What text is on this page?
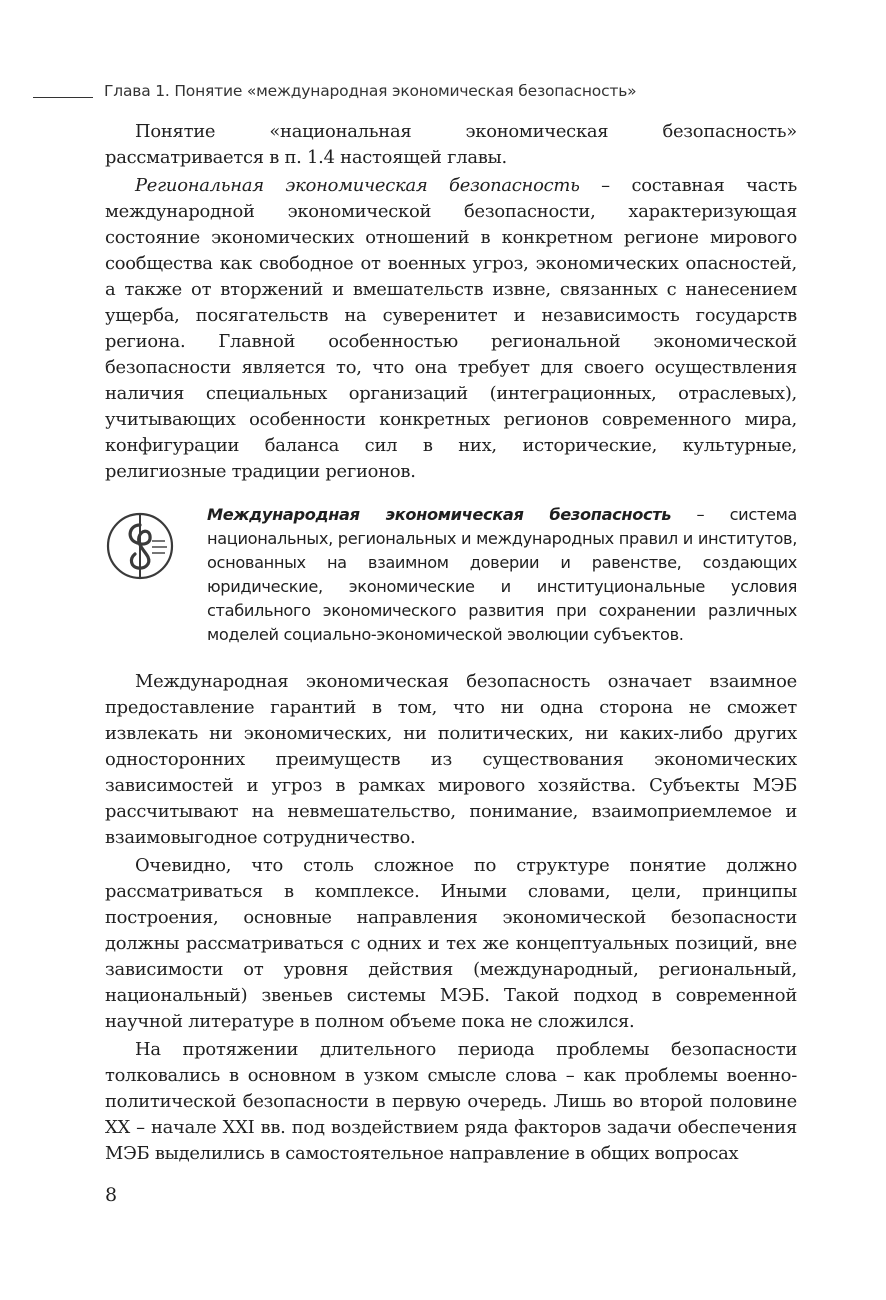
Глава 1. Понятие «международная экономическая безопасность»

Понятие «национальная экономическая безопасность» рассматривается в п. 1.4 настоящей главы.

Региональная экономическая безопасность – составная часть международной экономической безопасности, характеризующая состояние экономических отношений в конкретном регионе мирового сообщества как свободное от военных угроз, экономических опасностей, а также от вторжений и вмешательств извне, связанных с нанесением ущерба, посягательств на суверенитет и независимость государств региона. Главной особенностью региональной экономической безопасности является то, что она требует для своего осуществления наличия специальных организаций (интеграционных, отраслевых), учитывающих особенности конкретных регионов современного мира, конфигурации баланса сил в них, исторические, культурные, религиозные традиции регионов.

Международная экономическая безопасность – система национальных, региональных и международных правил и институтов, основанных на взаимном доверии и равенстве, создающих юридические, экономические и институциональные условия стабильного экономического развития при сохранении различных моделей социально-экономической эволюции субъектов.

Международная экономическая безопасность означает взаимное предоставление гарантий в том, что ни одна сторона не сможет извлекать ни экономических, ни политических, ни каких-либо других односторонних преимуществ из существования экономических зависимостей и угроз в рамках мирового хозяйства. Субъекты МЭБ рассчитывают на невмешательство, понимание, взаимоприемлемое и взаимовыгодное сотрудничество.

Очевидно, что столь сложное по структуре понятие должно рассматриваться в комплексе. Иными словами, цели, принципы построения, основные направления экономической безопасности должны рассматриваться с одних и тех же концептуальных позиций, вне зависимости от уровня действия (международный, региональный, национальный) звеньев системы МЭБ. Такой подход в современной научной литературе в полном объеме пока не сложился.

На протяжении длительного периода проблемы безопасности толковались в основном в узком смысле слова – как проблемы военно-политической безопасности в первую очередь. Лишь во второй половине XX – начале XXI вв. под воздействием ряда факторов задачи обеспечения МЭБ выделились в самостоятельное направление в общих вопросах

8
